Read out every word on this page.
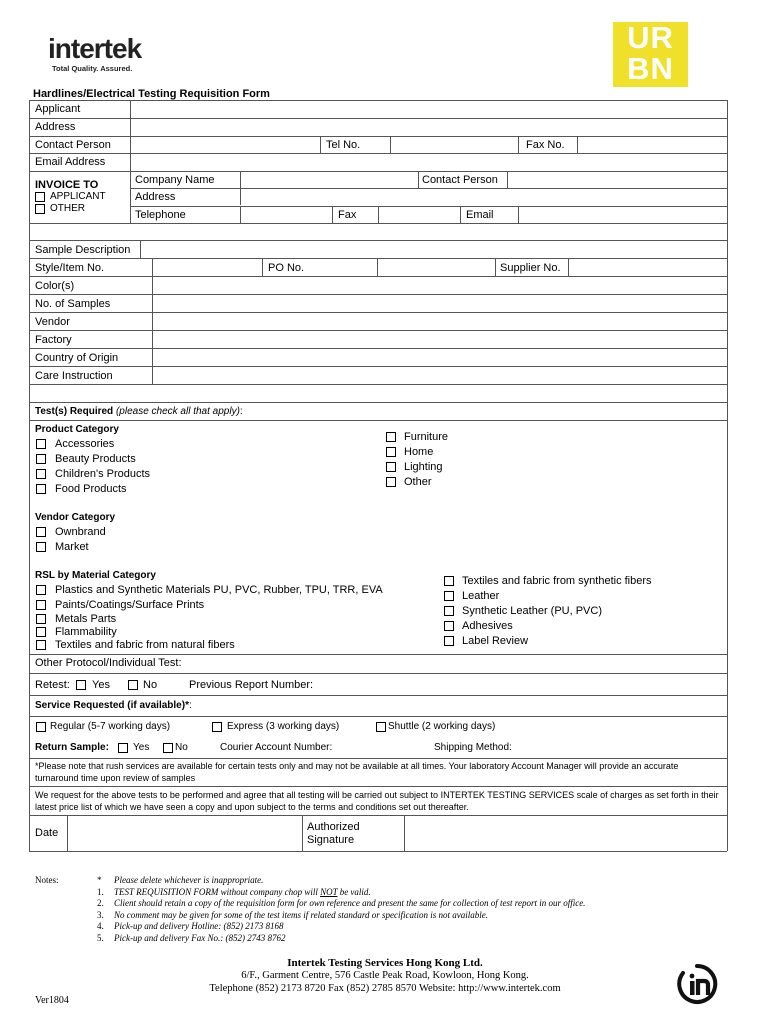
intertek
Total Quality. Assured.
UR
BN
Hardlines/Electrical Testing Requisition Form
Applicant
Address
Contact Person	Tel No.	Fax No.
Email Address
INVOICE TO
APPLICANT
OTHER
Company Name	Contact Person
Address
Telephone	Fax	Email
Sample Description
Style/Item No.	PO No.	Supplier No.
Color(s)
No. of Samples
Vendor
Factory
Country of Origin
Care Instruction
Test(s) Required (please check all that apply):
Product Category
Accessories
Beauty Products
Children's Products
Food Products
Furniture
Home
Lighting
Other
Vendor Category
Ownbrand
Market
RSL by Material Category
Plastics and Synthetic Materials PU, PVC, Rubber, TPU, TRR, EVA
Paints/Coatings/Surface Prints
Metals Parts
Flammability
Textiles and fabric from natural fibers
Textiles and fabric from synthetic fibers
Leather
Synthetic Leather (PU, PVC)
Adhesives
Label Review
Other Protocol/Individual Test:
Retest: Yes	No	Previous Report Number:
Service Requested (if available)*:
Regular (5-7 working days)	Express (3 working days)	Shuttle (2 working days)
Return Sample: Yes	No	Courier Account Number:	Shipping Method:
*Please note that rush services are available for certain tests only and may not be available at all times. Your laboratory Account Manager will provide an accurate turnaround time upon review of samples
We request for the above tests to be performed and agree that all testing will be carried out subject to INTERTEK TESTING SERVICES scale of charges as set forth in their latest price list of which we have seen a copy and upon subject to the terms and conditions set out thereafter.
Date	Authorized
Signature
Notes:	* Please delete whichever is inappropriate.
1. TEST REQUISITION FORM without company chop will NOT be valid.
2. Client should retain a copy of the requisition form for own reference and present the same for collection of test report in our office.
3. No comment may be given for some of the test items if related standard or specification is not available.
4. Pick-up and delivery Hotline: (852) 2173 8168
5. Pick-up and delivery Fax No.: (852) 2743 8762
Intertek Testing Services Hong Kong Ltd.
6/F., Garment Centre, 576 Castle Peak Road, Kowloon, Hong Kong.
Telephone (852) 2173 8720 Fax (852) 2785 8570 Website: http://www.intertek.com
Ver1804
